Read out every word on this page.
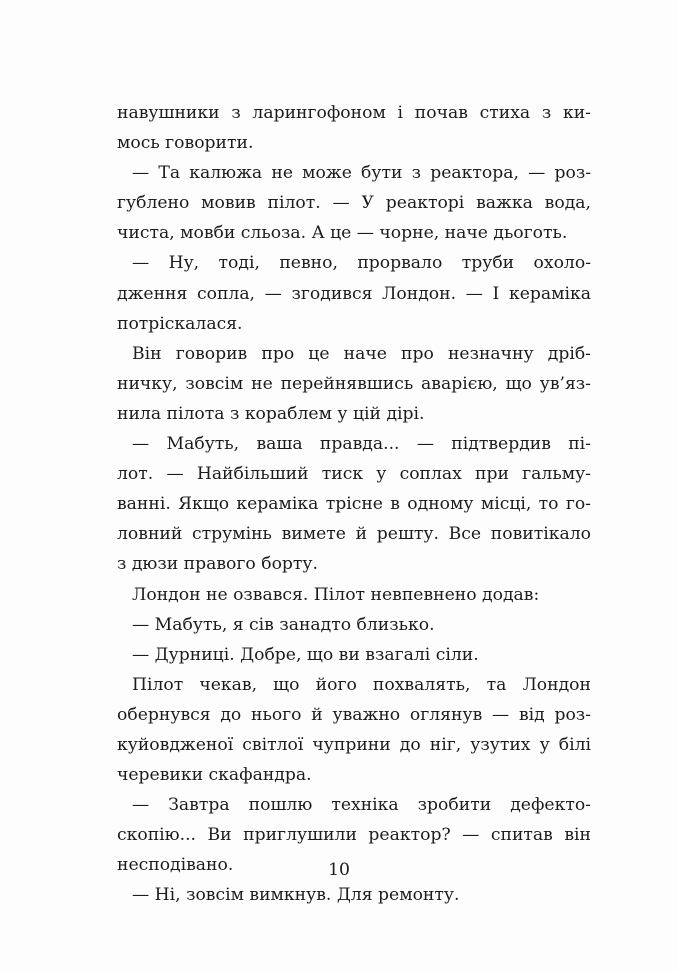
навушники з ларингофоном і почав стиха з ки-
мось говорити.
— Та калюжа не може бути з реактора, — роз-
гублено мовив пілот. — У реакторі важка вода,
чиста, мовби сльоза. А це — чорне, наче дьоготь.
— Ну, тоді, певно, прорвало труби охоло-
дження сопла, — згодився Лондон. — І кераміка
потріскалася.
Він говорив про це наче про незначну дріб-
ничку, зовсім не перейнявшись аварією, що ув’яз-
нила пілота з кораблем у цій дірі.
— Мабуть, ваша правда... — підтвердив пі-
лот. — Найбільший тиск у соплах при гальму-
ванні. Якщо кераміка трісне в одному місці, то го-
ловний струмінь вимете й решту. Все повитікало
з дюзи правого борту.
Лондон не озвався. Пілот невпевнено додав:
— Мабуть, я сів занадто близько.
— Дурниці. Добре, що ви взагалі сіли.
Пілот чекав, що його похвалять, та Лондон
обернувся до нього й уважно оглянув — від роз-
куйовдженої світлої чуприни до ніг, узутих у білі
черевики скафандра.
— Завтра пошлю техніка зробити дефекто-
скопію... Ви приглушили реактор? — спитав він
несподівано.
— Ні, зовсім вимкнув. Для ремонту.
10
